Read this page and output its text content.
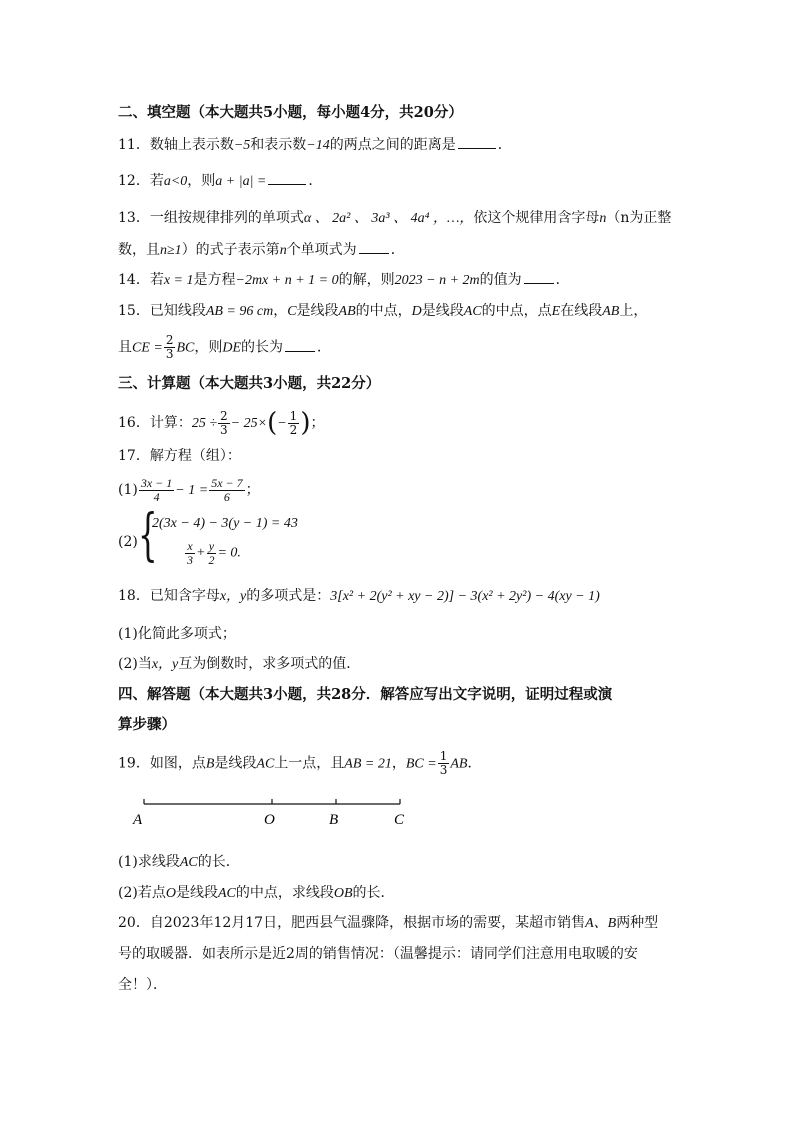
二、填空题（本大题共5小题，每小题4分，共20分）
11．数轴上表示数−5和表示数−14的两点之间的距离是	．
12．若a<0，则a + |a| =	．
13．一组按规律排列的单项式α 、 2a² 、 3a³ 、 4a⁴ ，…，依这个规律用含字母n（n为正整
数，且n≥1）的式子表示第n个单项式为 ．
14．若x = 1是方程−2mx + n + 1 = 0的解，则2023 − n + 2m的值为 ．
15．已知线段AB = 96 cm，C是线段AB的中点，D是线段AC的中点，点E在线段AB上，
且CE = $\frac{2}{3}$ BC，则DE的长为 ．
三、计算题（本大题共3小题，共22分）
16．计算：$25 \div \frac{2}{3} - 25\times(- \frac{1}{2}$ )；
17．解方程（组）：
$(1) \frac{3x - 1}{4} - 1 = \frac{5x - 7}{6}$ ；
(2) {
2(3x − 4) − 3(y − 1) = 43
$\frac{x}{3} + \frac{y}{2} = 0$.
18．已知含字母x，y的多项式是：3[x² + 2(y² + xy − 2)] − 3(x² + 2y²) − 4(xy − 1)
(1)化简此多项式；
(2)当x，y互为倒数时，求多项式的值．
四、解答题（本大题共3小题，共28分．解答应写出文字说明，证明过程或演
算步骤）
19．如图，点B是线段AC上一点，且AB = 21，BC = $\frac{1}{3}$ AB．
A	O	B	C
(1)求线段AC的长．
(2)若点O是线段AC的中点，求线段OB的长．
20．自2023年12月17日，肥西县气温骤降，根据市场的需要，某超市销售A、B两种型
号的取暖器．如表所示是近2周的销售情况：（温馨提示：请同学们注意用电取暖的安
全！）．
